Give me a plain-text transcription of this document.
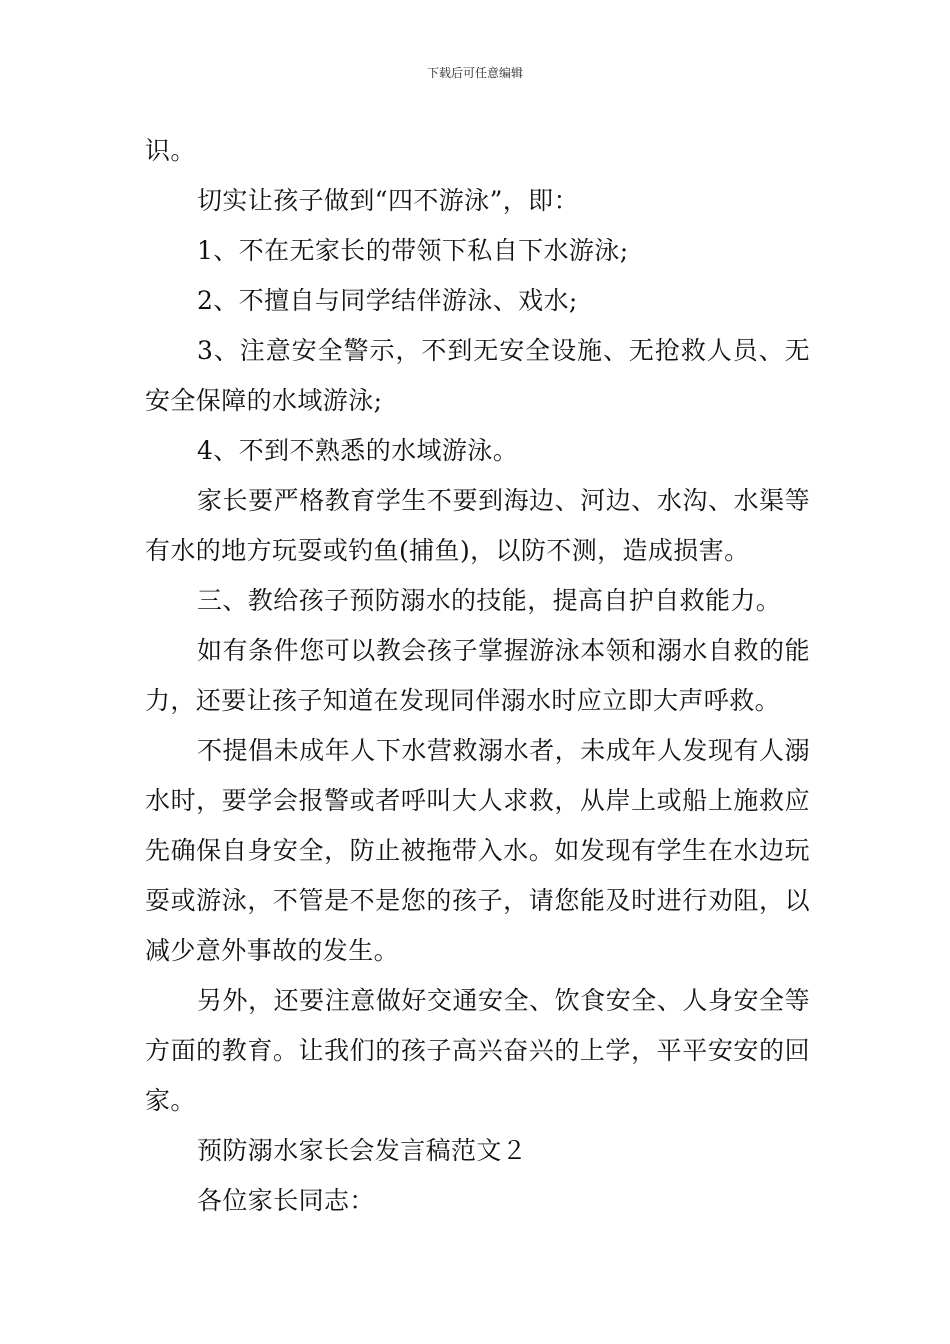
下载后可任意编辑

识。

切实让孩子做到“四不游泳”，即：

1、不在无家长的带领下私自下水游泳;

2、不擅自与同学结伴游泳、戏水;

3、注意安全警示，不到无安全设施、无抢救人员、无安全保障的水域游泳;

4、不到不熟悉的水域游泳。

家长要严格教育学生不要到海边、河边、水沟、水渠等有水的地方玩耍或钓鱼(捕鱼)，以防不测，造成损害。

三、教给孩子预防溺水的技能，提高自护自救能力。

如有条件您可以教会孩子掌握游泳本领和溺水自救的能力，还要让孩子知道在发现同伴溺水时应立即大声呼救。

不提倡未成年人下水营救溺水者，未成年人发现有人溺水时，要学会报警或者呼叫大人求救，从岸上或船上施救应先确保自身安全，防止被拖带入水。如发现有学生在水边玩耍或游泳，不管是不是您的孩子，请您能及时进行劝阻，以减少意外事故的发生。

另外，还要注意做好交通安全、饮食安全、人身安全等方面的教育。让我们的孩子高兴奋兴的上学，平平安安的回家。

预防溺水家长会发言稿范文２

各位家长同志：
